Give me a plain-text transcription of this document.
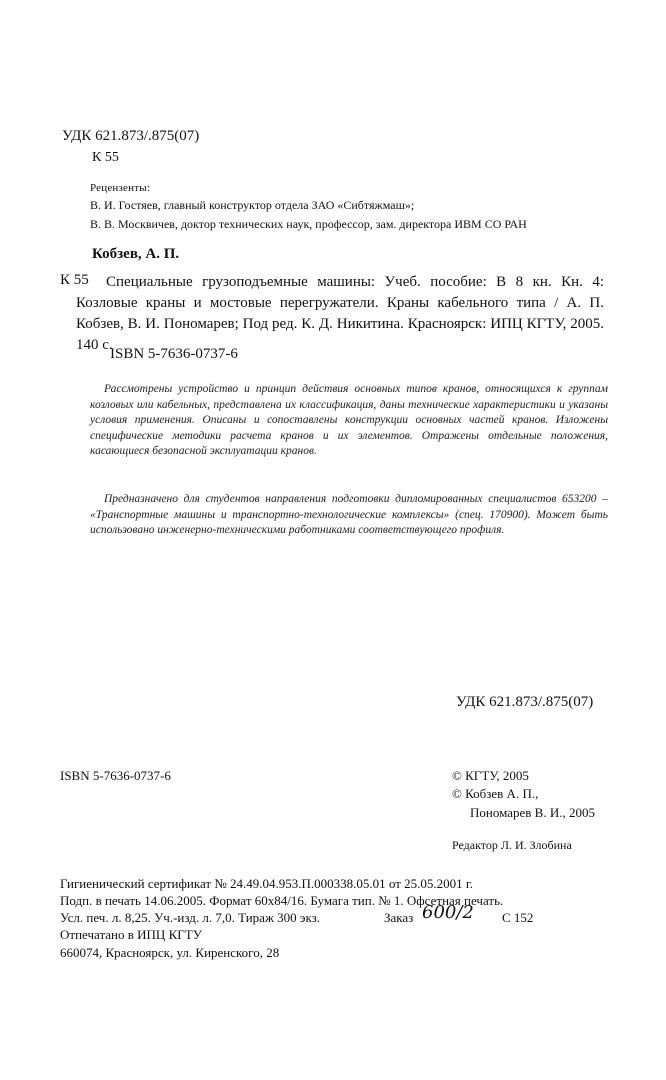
УДК 621.873/.875(07)
К 55
Рецензенты:
В. И. Гостяев, главный конструктор отдела ЗАО «Сибтяжмаш»;
В. В. Москвичев, доктор технических наук, профессор, зам. директора ИВМ СО РАН
Кобзев, А. П.
К 55	Специальные грузоподъемные машины: Учеб. пособие: В 8 кн. Кн. 4: Козловые краны и мостовые перегружатели. Краны кабельного типа / А. П. Кобзев, В. И. Пономарев; Под ред. К. Д. Никитина. Красноярск: ИПЦ КГТУ, 2005. 140 с.
ISBN 5-7636-0737-6
Рассмотрены устройство и принцип действия основных типов кранов, относящихся к группам козловых или кабельных, представлена их классификация, даны технические характеристики и указаны условия применения. Описаны и сопоставлены конструкции основных частей кранов. Изложены специфические методики расчета кранов и их элементов. Отражены отдельные положения, касающиеся безопасной эксплуатации кранов.
Предназначено для студентов направления подготовки дипломированных специалистов 653200 – «Транспортные машины и транспортно-технологические комплексы» (спец. 170900). Может быть использовано инженерно-техническими работниками соответствующего профиля.
УДК 621.873/.875(07)
ISBN 5-7636-0737-6	© КГТУ, 2005
© Кобзев А. П.,
Пономарев В. И., 2005
Редактор Л. И. Злобина
Гигиенический сертификат № 24.49.04.953.П.000338.05.01 от 25.05.2001 г.
Подп. в печать 14.06.2005. Формат 60х84/16. Бумага тип. № 1. Офсетная печать.
Усл. печ. л. 8,25. Уч.-изд. л. 7,0. Тираж 300 экз.	Заказ 600/2 С 152
Отпечатано в ИПЦ КГТУ
660074, Красноярск, ул. Киренского, 28
